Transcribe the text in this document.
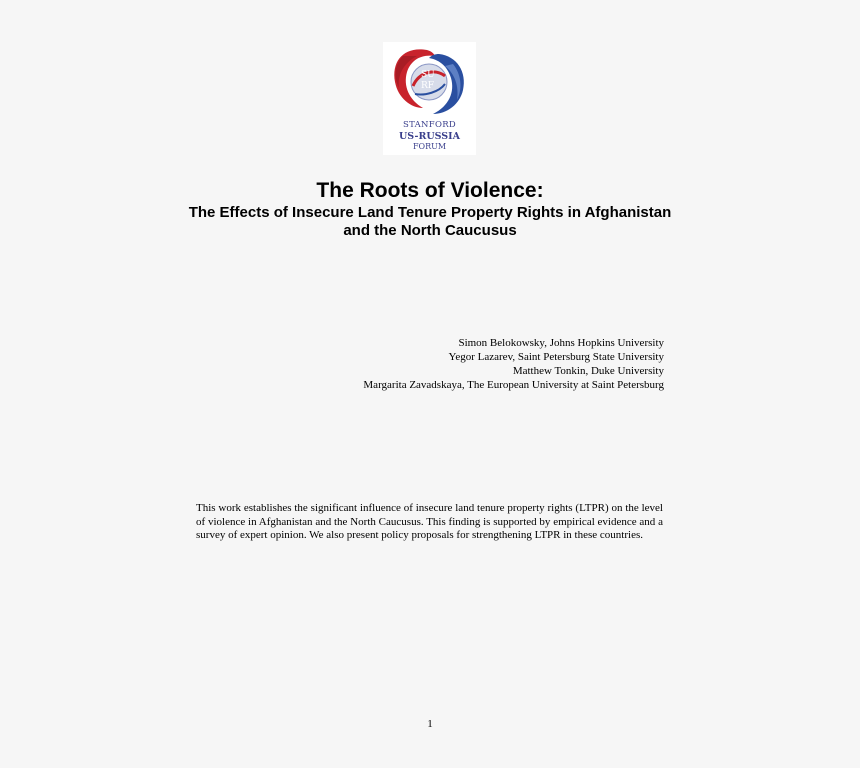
SU
RF
STANFORD
US-RUSSIA
FORUM
The Roots of Violence:
The Effects of Insecure Land Tenure Property Rights in Afghanistan and the North Caucusus
Simon Belokowsky, Johns Hopkins University
Yegor Lazarev, Saint Petersburg State University
Matthew Tonkin, Duke University
Margarita Zavadskaya, The European University at Saint Petersburg

This work establishes the significant influence of insecure land tenure property rights (LTPR) on the level of violence in Afghanistan and the North Caucusus. This finding is supported by empirical evidence and a survey of expert opinion. We also present policy proposals for strengthening LTPR in these countries.

1
